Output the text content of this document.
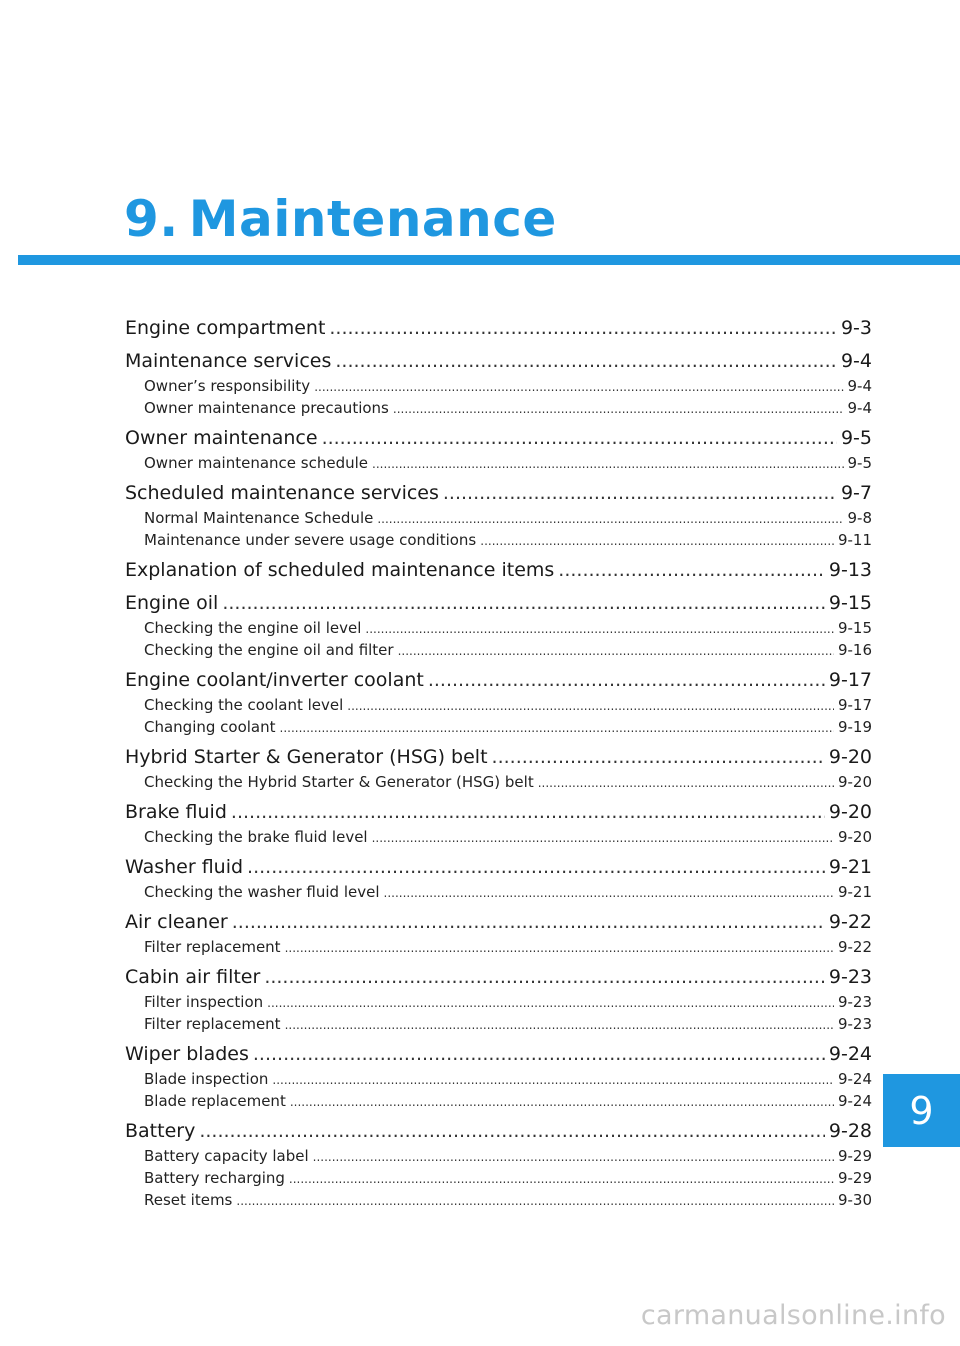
9. Maintenance
Engine compartment .....	9-3
Maintenance services .....	9-4
Owner’s responsibility .....	9-4
Owner maintenance precautions .....	9-4
Owner maintenance .....	9-5
Owner maintenance schedule .....	9-5
Scheduled maintenance services .....	9-7
Normal Maintenance Schedule .....	9-8
Maintenance under severe usage conditions .....	9-11
Explanation of scheduled maintenance items .....	9-13
Engine oil .....	9-15
Checking the engine oil level .....	9-15
Checking the engine oil and filter .....	9-16
Engine coolant/inverter coolant .....	9-17
Checking the coolant level .....	9-17
Changing coolant .....	9-19
Hybrid Starter & Generator (HSG) belt .....	9-20
Checking the Hybrid Starter & Generator (HSG) belt .....	9-20
Brake fluid .....	9-20
Checking the brake fluid level .....	9-20
Washer fluid .....	9-21
Checking the washer fluid level .....	9-21
Air cleaner .....	9-22
Filter replacement .....	9-22
Cabin air filter .....	9-23
Filter inspection .....	9-23
Filter replacement .....	9-23
Wiper blades .....	9-24
Blade inspection .....	9-24
Blade replacement .....	9-24
Battery .....	9-28
Battery capacity label .....	9-29
Battery recharging .....	9-29
Reset items .....	9-30
9
carmanualsonline.info
